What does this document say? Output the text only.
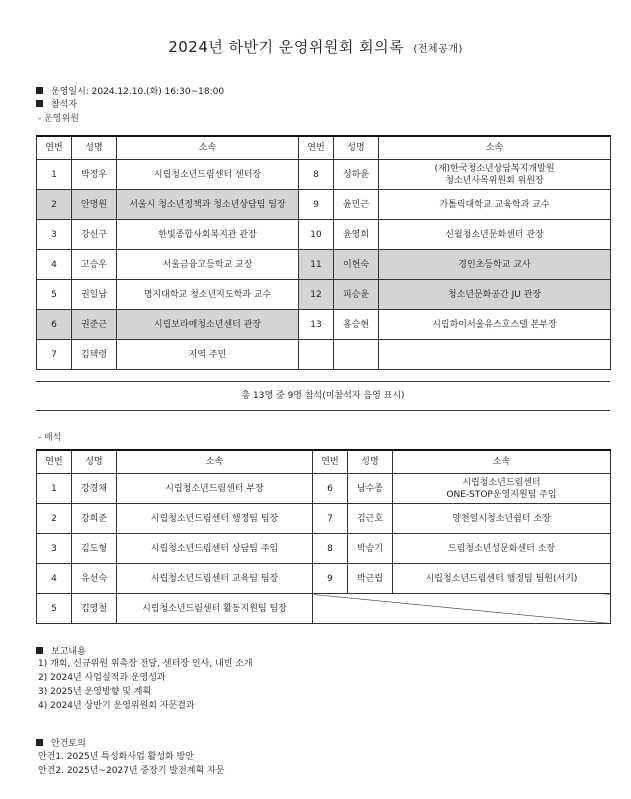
2024년 하반기 운영위원회 회의록 (전체공개)
운영일시: 2024.12.10.(화) 16:30~18:00
참석자
- 운영위원
연번	성명	소속	연번	성명	소속
1	박정우	시립청소년드림센터 센터장	8	성하윤	(재)한국청소년상담복지개발원
청소년사목위원회 위원장
2	안명원	서울시 청소년정책과 청소년상담팀 팀장	9	윤민근	가톨릭대학교 교육학과 교수
3	강신구	한빛종합사회복지관 관장	10	윤영희	신월청소년문화센터 관장
4	고승우	서울금융고등학교 교장	11	이현숙	경인초등학교 교사
5	권일남	명지대학교 청소년지도학과 교수	12	피승윤	청소년문화공간 JU 관장
6	권준근	시립보라매청소년센터 관장	13	홍승현	시립하이서울유스호스텔 본부장
7	김택령	지역 주민			
총 13명 중 9명 참석(미참석자 음영 표시)
- 배석
연번	성명	소속	연번	성명	소속
1	강경채	시립청소년드림센터 부장	6	남수종	시립청소년드림센터
ONE-STOP운영지원팀 주임
2	강희준	시립청소년드림센터 행정팀 팀장	7	김근호	양천일시청소년쉼터 소장
3	김도형	시립청소년드림센터 상담팀 주임	8	박승기	드림청소년성문화센터 소장
4	유선숙	시립청소년드림센터 교육팀 팀장	9	박근립	시립청소년드림센터 행정팀 팀원(서기)
5	김영철	시립청소년드림센터 활동지원팀 팀장			
보고내용
1) 개회, 신규위원 위촉장 전달, 센터장 인사, 내빈 소개
2) 2024년 사업실적과 운영성과
3) 2025년 운영방향 및 계획
4) 2024년 상반기 운영위원회 자문결과
안건토의
안건1. 2025년 특성화사업 활성화 방안
안건2. 2025년~2027년 중장기 발전계획 자문
